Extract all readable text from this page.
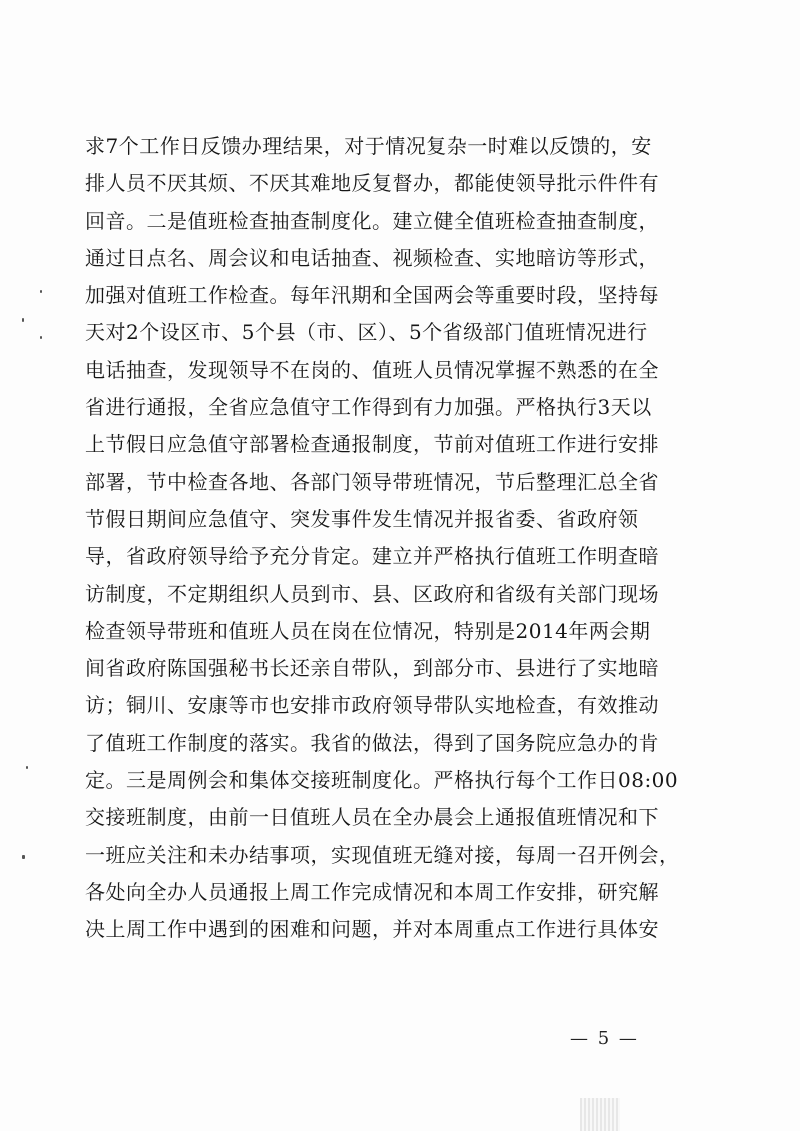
求7个工作日反馈办理结果，对于情况复杂一时难以反馈的，安
排人员不厌其烦、不厌其难地反复督办，都能使领导批示件件有
回音。二是值班检查抽查制度化。建立健全值班检查抽查制度，
通过日点名、周会议和电话抽查、视频检查、实地暗访等形式，
加强对值班工作检查。每年汛期和全国两会等重要时段，坚持每
天对2个设区市、5个县（市、区）、5个省级部门值班情况进行
电话抽查，发现领导不在岗的、值班人员情况掌握不熟悉的在全
省进行通报，全省应急值守工作得到有力加强。严格执行3天以
上节假日应急值守部署检查通报制度，节前对值班工作进行安排
部署，节中检查各地、各部门领导带班情况，节后整理汇总全省
节假日期间应急值守、突发事件发生情况并报省委、省政府领
导，省政府领导给予充分肯定。建立并严格执行值班工作明查暗
访制度，不定期组织人员到市、县、区政府和省级有关部门现场
检查领导带班和值班人员在岗在位情况，特别是2014年两会期
间省政府陈国强秘书长还亲自带队，到部分市、县进行了实地暗
访；铜川、安康等市也安排市政府领导带队实地检查，有效推动
了值班工作制度的落实。我省的做法，得到了国务院应急办的肯
定。三是周例会和集体交接班制度化。严格执行每个工作日08:00
交接班制度，由前一日值班人员在全办晨会上通报值班情况和下
一班应关注和未办结事项，实现值班无缝对接，每周一召开例会，
各处向全办人员通报上周工作完成情况和本周工作安排，研究解
决上周工作中遇到的困难和问题，并对本周重点工作进行具体安
— 5 —
